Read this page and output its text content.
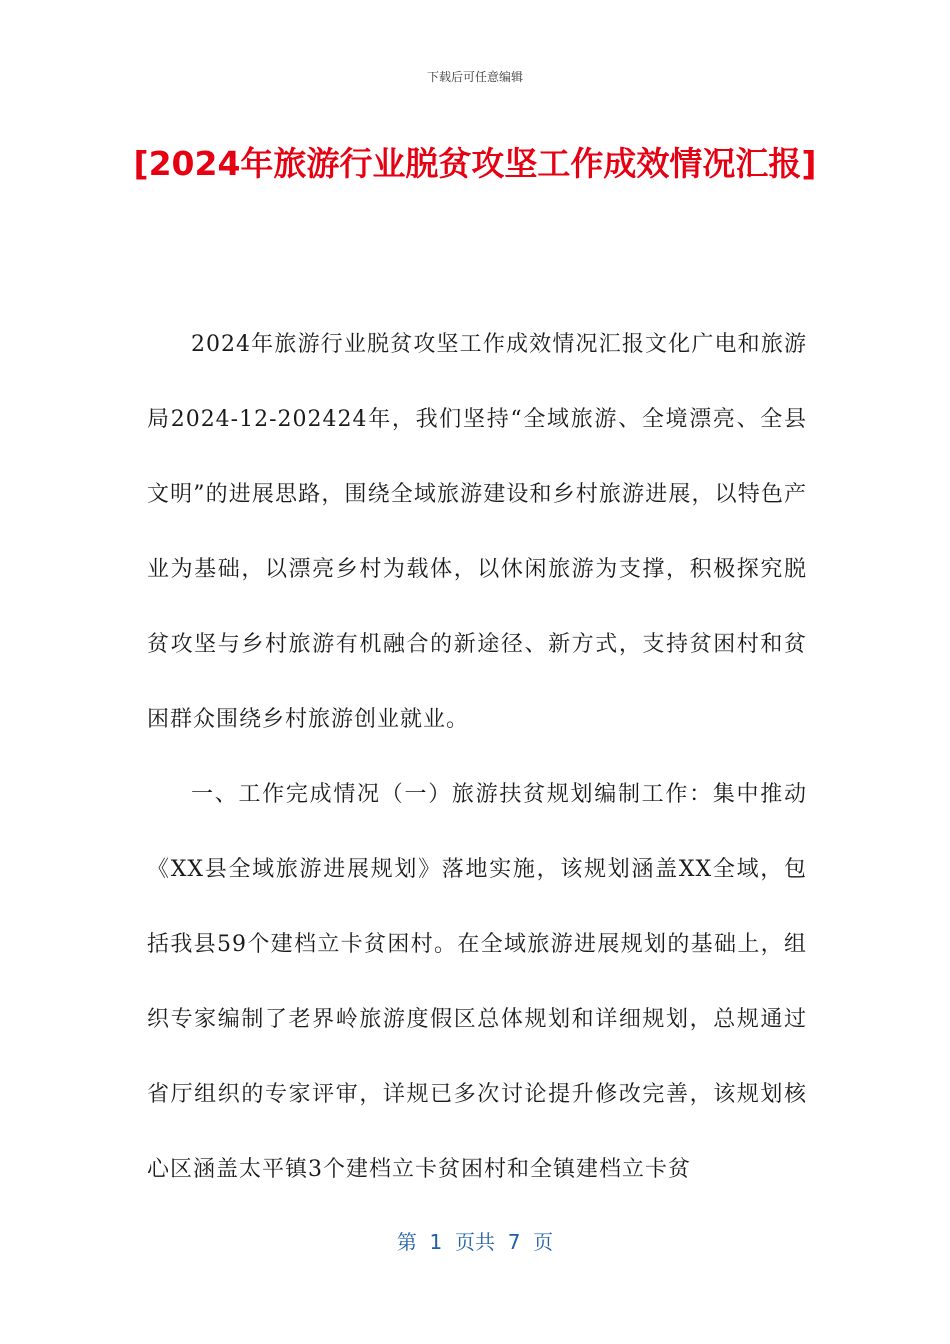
下载后可任意编辑
[2024年旅游行业脱贫攻坚工作成效情况汇报]

2024年旅游行业脱贫攻坚工作成效情况汇报文化广电和旅游局2024-12-202424年，我们坚持“全域旅游、全境漂亮、全县文明”的进展思路，围绕全域旅游建设和乡村旅游进展，以特色产业为基础，以漂亮乡村为载体，以休闲旅游为支撑，积极探究脱贫攻坚与乡村旅游有机融合的新途径、新方式，支持贫困村和贫困群众围绕乡村旅游创业就业。

一、工作完成情况（一）旅游扶贫规划编制工作：集中推动《XX县全域旅游进展规划》落地实施，该规划涵盖XX全域，包括我县59个建档立卡贫困村。在全域旅游进展规划的基础上，组织专家编制了老界岭旅游度假区总体规划和详细规划，总规通过省厅组织的专家评审，详规已多次讨论提升修改完善，该规划核心区涵盖太平镇3个建档立卡贫困村和全镇建档立卡贫

第  1  页共  7  页
